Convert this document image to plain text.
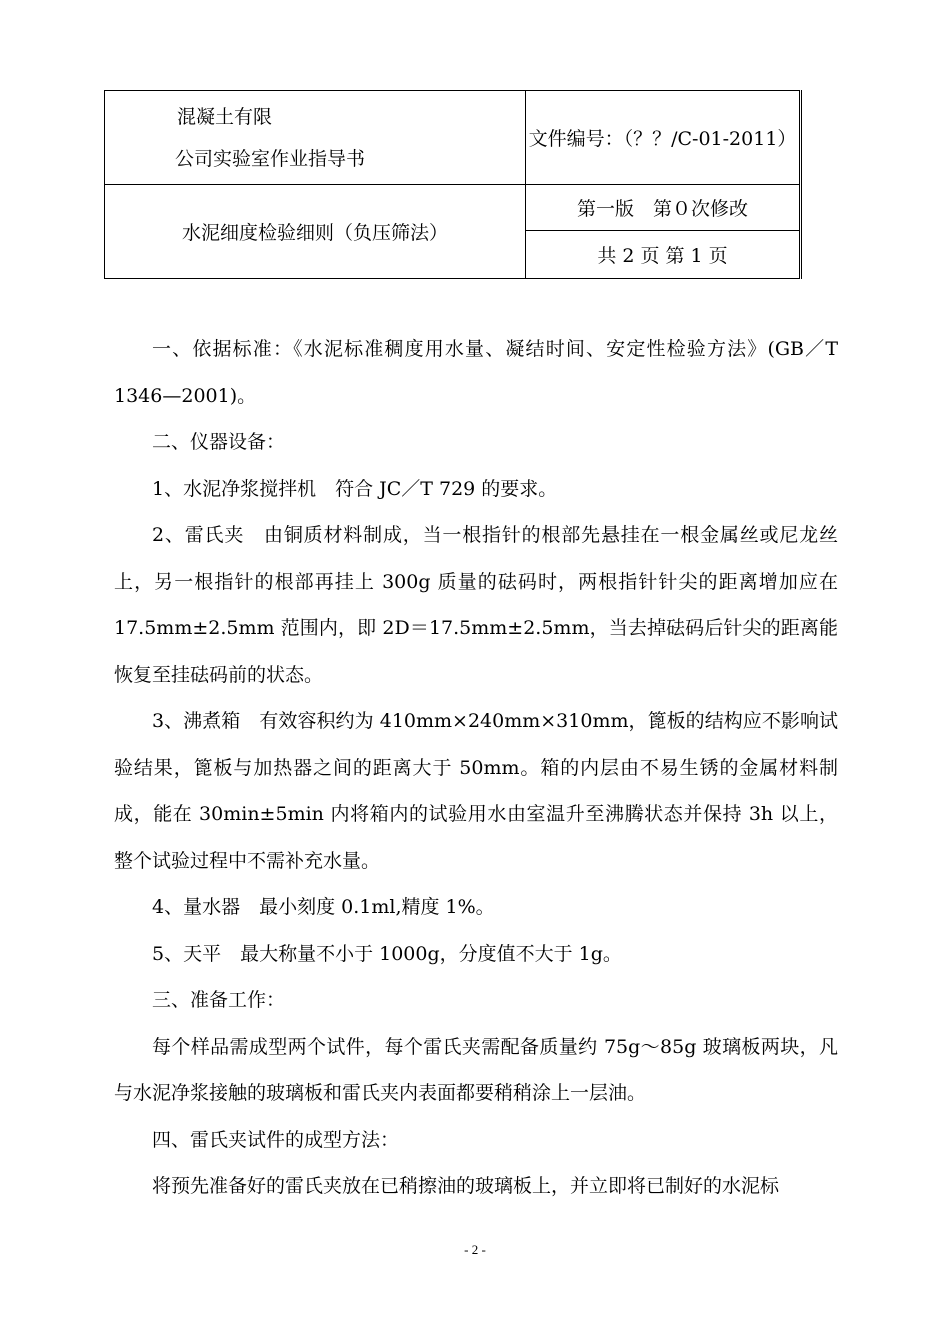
混凝土有限
公司实验室作业指导书	文件编号：（？？/C-01-2011）
水泥细度检验细则（负压筛法）	第一版　第０次修改
	共 2 页 第 1 页

一、依据标准：《水泥标准稠度用水量、凝结时间、安定性检验方法》(GB／T 1346—2001)。

二、仪器设备：

1、水泥净浆搅拌机　符合 JC／T 729 的要求。

2、雷氏夹　由铜质材料制成，当一根指针的根部先悬挂在一根金属丝或尼龙丝上，另一根指针的根部再挂上 300g 质量的砝码时，两根指针针尖的距离增加应在 17.5mm±2.5mm 范围内，即 2D＝17.5mm±2.5mm，当去掉砝码后针尖的距离能恢复至挂砝码前的状态。

3、沸煮箱　有效容积约为 410mm×240mm×310mm，篦板的结构应不影响试验结果，篦板与加热器之间的距离大于 50mm。箱的内层由不易生锈的金属材料制成，能在 30min±5min 内将箱内的试验用水由室温升至沸腾状态并保持 3h 以上，整个试验过程中不需补充水量。

4、量水器　最小刻度 0.1ml,精度 1%。

5、天平　最大称量不小于 1000g，分度值不大于 1g。

三、准备工作：

每个样品需成型两个试件，每个雷氏夹需配备质量约 75g～85g 玻璃板两块，凡与水泥净浆接触的玻璃板和雷氏夹内表面都要稍稍涂上一层油。

四、雷氏夹试件的成型方法：

将预先准备好的雷氏夹放在已稍擦油的玻璃板上，并立即将已制好的水泥标

- 2 -
